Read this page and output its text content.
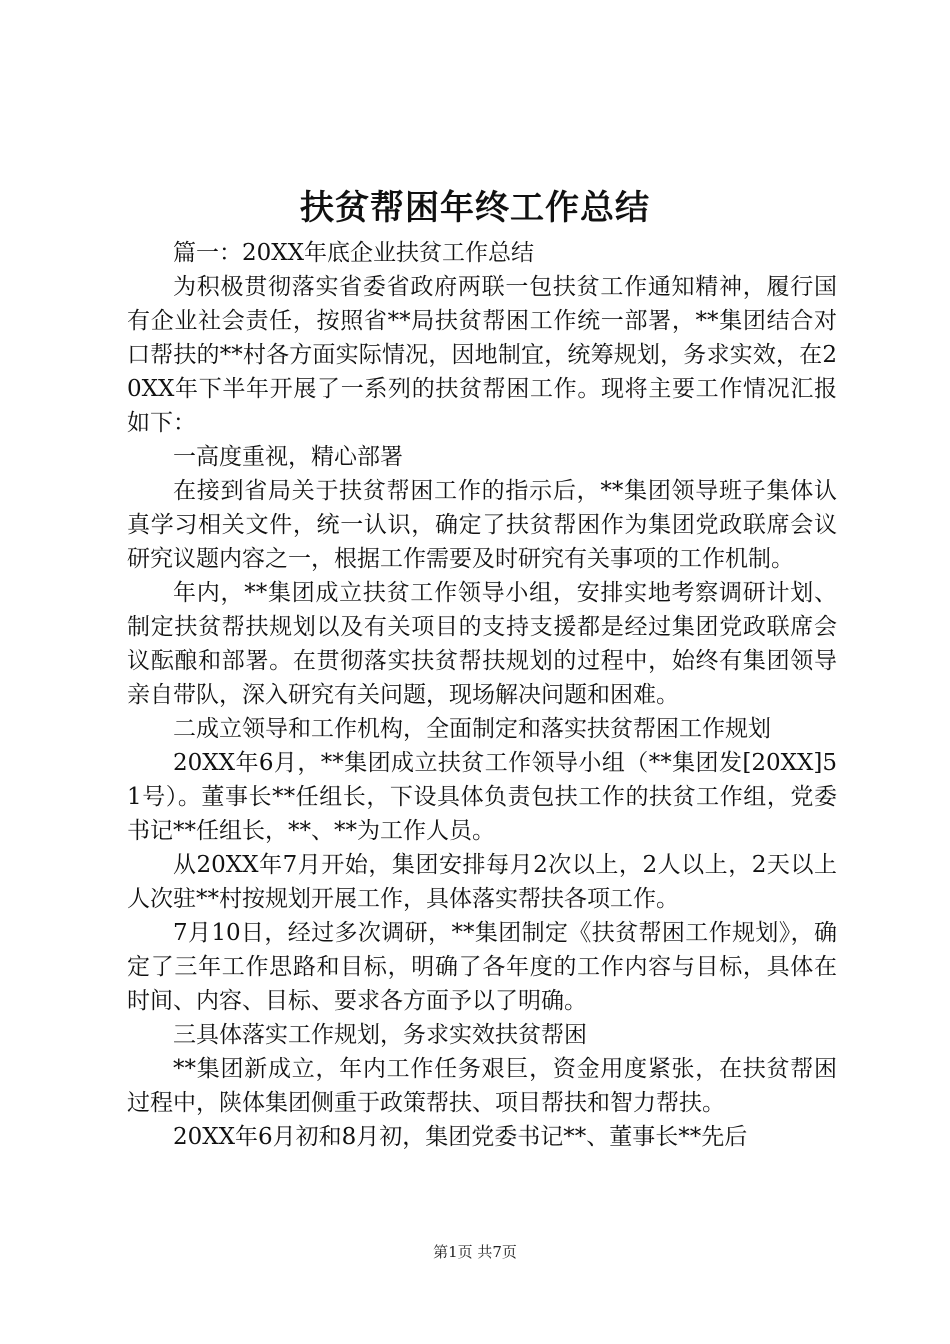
扶贫帮困年终工作总结

篇一：20XX年底企业扶贫工作总结

为积极贯彻落实省委省政府两联一包扶贫工作通知精神，履行国有企业社会责任，按照省**局扶贫帮困工作统一部署，**集团结合对口帮扶的**村各方面实际情况，因地制宜，统筹规划，务求实效，在20XX年下半年开展了一系列的扶贫帮困工作。现将主要工作情况汇报如下：

一高度重视，精心部署

在接到省局关于扶贫帮困工作的指示后，**集团领导班子集体认真学习相关文件，统一认识，确定了扶贫帮困作为集团党政联席会议研究议题内容之一，根据工作需要及时研究有关事项的工作机制。

年内，**集团成立扶贫工作领导小组，安排实地考察调研计划、制定扶贫帮扶规划以及有关项目的支持支援都是经过集团党政联席会议酝酿和部署。在贯彻落实扶贫帮扶规划的过程中，始终有集团领导亲自带队，深入研究有关问题，现场解决问题和困难。

二成立领导和工作机构，全面制定和落实扶贫帮困工作规划

20XX年6月，**集团成立扶贫工作领导小组（**集团发[20XX]51号）。董事长**任组长，下设具体负责包扶工作的扶贫工作组，党委书记**任组长，**、**为工作人员。

从20XX年7月开始，集团安排每月2次以上，2人以上，2天以上人次驻**村按规划开展工作，具体落实帮扶各项工作。

7月10日，经过多次调研，**集团制定《扶贫帮困工作规划》，确定了三年工作思路和目标，明确了各年度的工作内容与目标，具体在时间、内容、目标、要求各方面予以了明确。

三具体落实工作规划，务求实效扶贫帮困

**集团新成立，年内工作任务艰巨，资金用度紧张，在扶贫帮困过程中，陕体集团侧重于政策帮扶、项目帮扶和智力帮扶。

20XX年6月初和8月初，集团党委书记**、董事长**先后

第1页 共7页
